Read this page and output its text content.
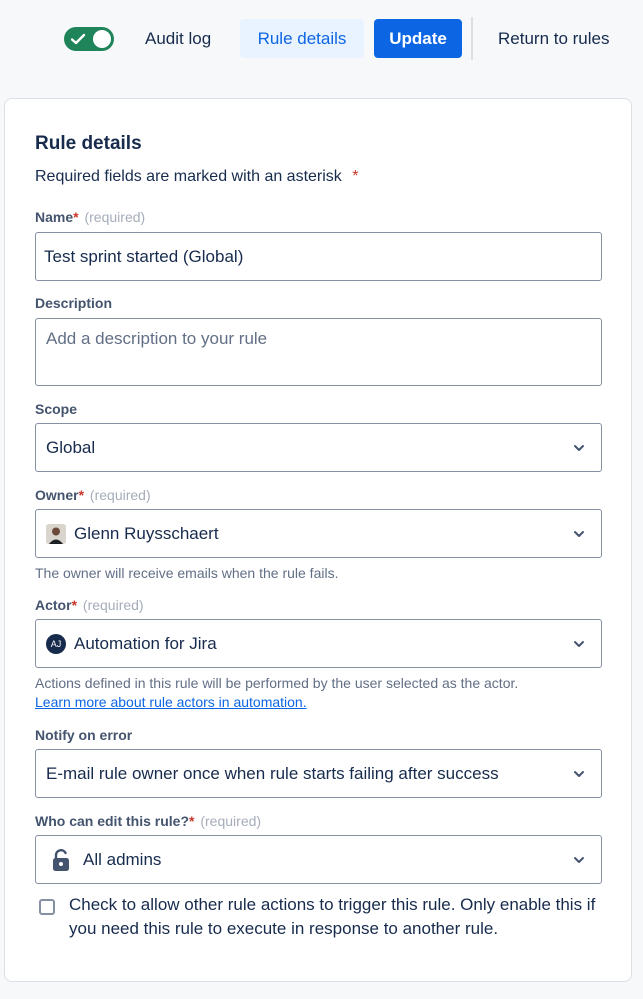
Audit log	Rule details	Update	Return to rules
Rule details
Required fields are marked with an asterisk *
Name* (required)
Test sprint started (Global)
Description
Add a description to your rule
Scope
Global
Owner* (required)
Glenn Ruysschaert
The owner will receive emails when the rule fails.
Actor* (required)
AJ Automation for Jira
Actions defined in this rule will be performed by the user selected as the actor.
Learn more about rule actors in automation.
Notify on error
E-mail rule owner once when rule starts failing after success
Who can edit this rule?* (required)
All admins
Check to allow other rule actions to trigger this rule. Only enable this if you need this rule to execute in response to another rule.
